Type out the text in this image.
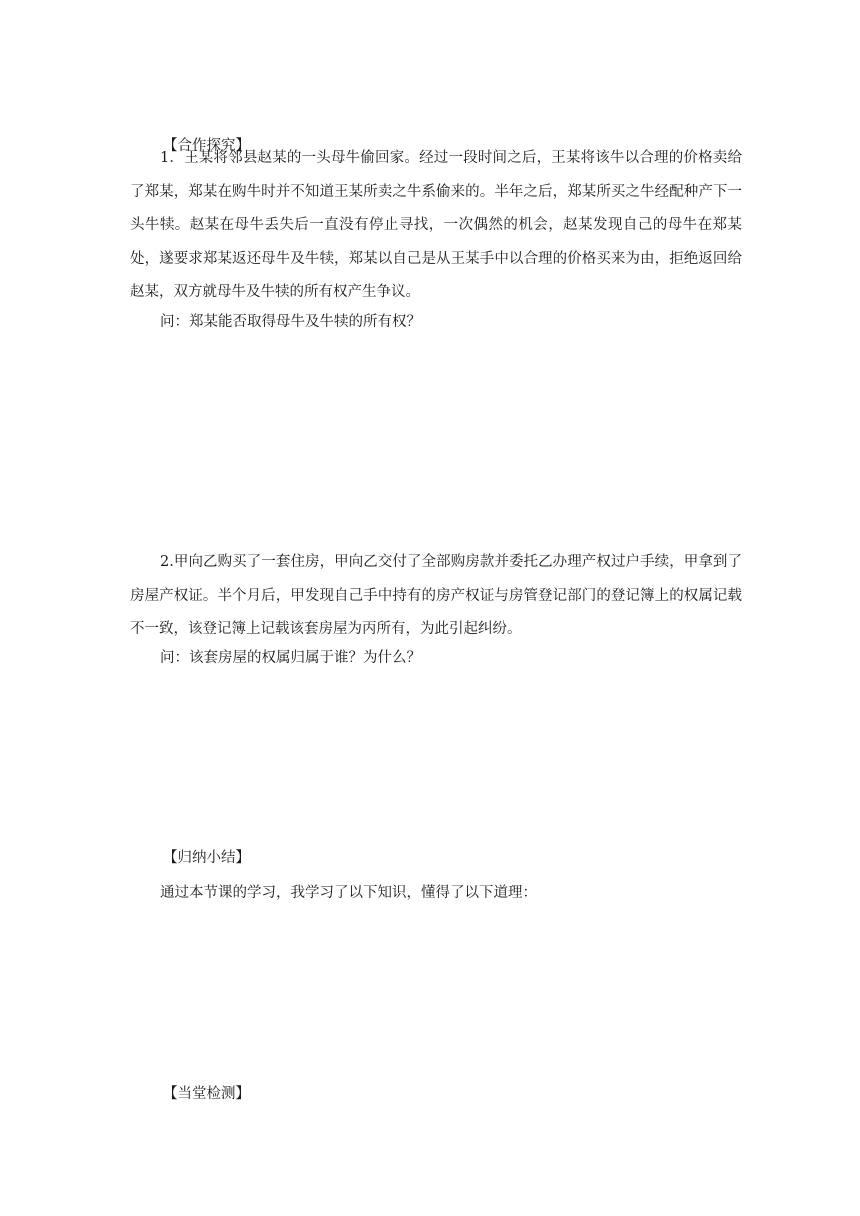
【合作探究】
1．王某将邻县赵某的一头母牛偷回家。经过一段时间之后，王某将该牛以合理的价格卖给了郑某，郑某在购牛时并不知道王某所卖之牛系偷来的。半年之后，郑某所买之牛经配种产下一头牛犊。赵某在母牛丢失后一直没有停止寻找，一次偶然的机会，赵某发现自己的母牛在郑某处，遂要求郑某返还母牛及牛犊，郑某以自己是从王某手中以合理的价格买来为由，拒绝返回给赵某，双方就母牛及牛犊的所有权产生争议。
问：郑某能否取得母牛及牛犊的所有权？
2.甲向乙购买了一套住房，甲向乙交付了全部购房款并委托乙办理产权过户手续，甲拿到了房屋产权证。半个月后，甲发现自己手中持有的房产权证与房管登记部门的登记簿上的权属记载不一致，该登记簿上记载该套房屋为丙所有，为此引起纠纷。
问：该套房屋的权属归属于谁？为什么？
【归纳小结】
通过本节课的学习，我学习了以下知识，懂得了以下道理：
【当堂检测】
